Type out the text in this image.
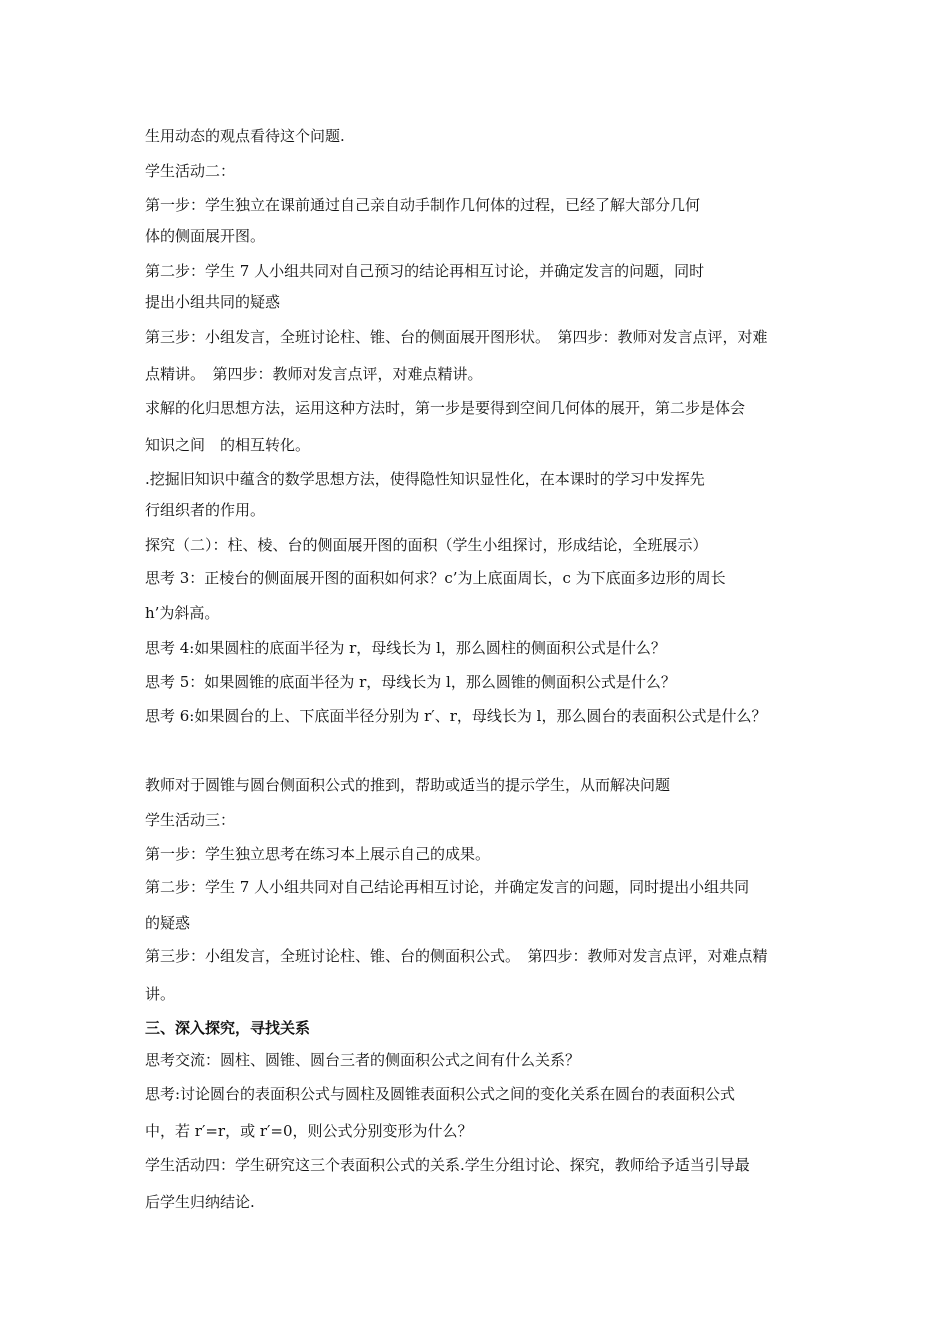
生用动态的观点看待这个问题.
学生活动二：
第一步：学生独立在课前通过自己亲自动手制作几何体的过程，已经了解大部分几何
体的侧面展开图。
第二步：学生 7 人小组共同对自己预习的结论再相互讨论，并确定发言的问题，同时
提出小组共同的疑惑
第三步：小组发言，全班讨论柱、锥、台的侧面展开图形状。　第四步：教师对发言点评，对难
点精讲。　第四步：教师对发言点评，对难点精讲。
求解的化归思想方法，运用这种方法时，第一步是要得到空间几何体的展开，第二步是体会
知识之间　的相互转化。
.挖掘旧知识中蕴含的数学思想方法，使得隐性知识显性化，在本课时的学习中发挥先
行组织者的作用。
探究（二）：柱、棱、台的侧面展开图的面积（学生小组探讨，形成结论，全班展示）
思考 3：正棱台的侧面展开图的面积如何求？c’为上底面周长，c 为下底面多边形的周长
h’为斜高。
思考 4:如果圆柱的底面半径为 r，母线长为 l，那么圆柱的侧面积公式是什么？
思考 5：如果圆锥的底面半径为 r，母线长为 l，那么圆锥的侧面积公式是什么？
思考 6:如果圆台的上、下底面半径分别为 r′、r，母线长为 l，那么圆台的表面积公式是什么？
教师对于圆锥与圆台侧面积公式的推到，帮助或适当的提示学生，从而解决问题
学生活动三：
第一步：学生独立思考在练习本上展示自己的成果。
第二步：学生 7 人小组共同对自己结论再相互讨论，并确定发言的问题，同时提出小组共同
的疑惑
第三步：小组发言，全班讨论柱、锥、台的侧面积公式。　第四步：教师对发言点评，对难点精
讲。
三、深入探究，寻找关系
思考交流：圆柱、圆锥、圆台三者的侧面积公式之间有什么关系？
思考:讨论圆台的表面积公式与圆柱及圆锥表面积公式之间的变化关系在圆台的表面积公式
中，若 r′=r，或 r′=0，则公式分别变形为什么？
学生活动四：学生研究这三个表面积公式的关系.学生分组讨论、探究，教师给予适当引导最
后学生归纳结论.
